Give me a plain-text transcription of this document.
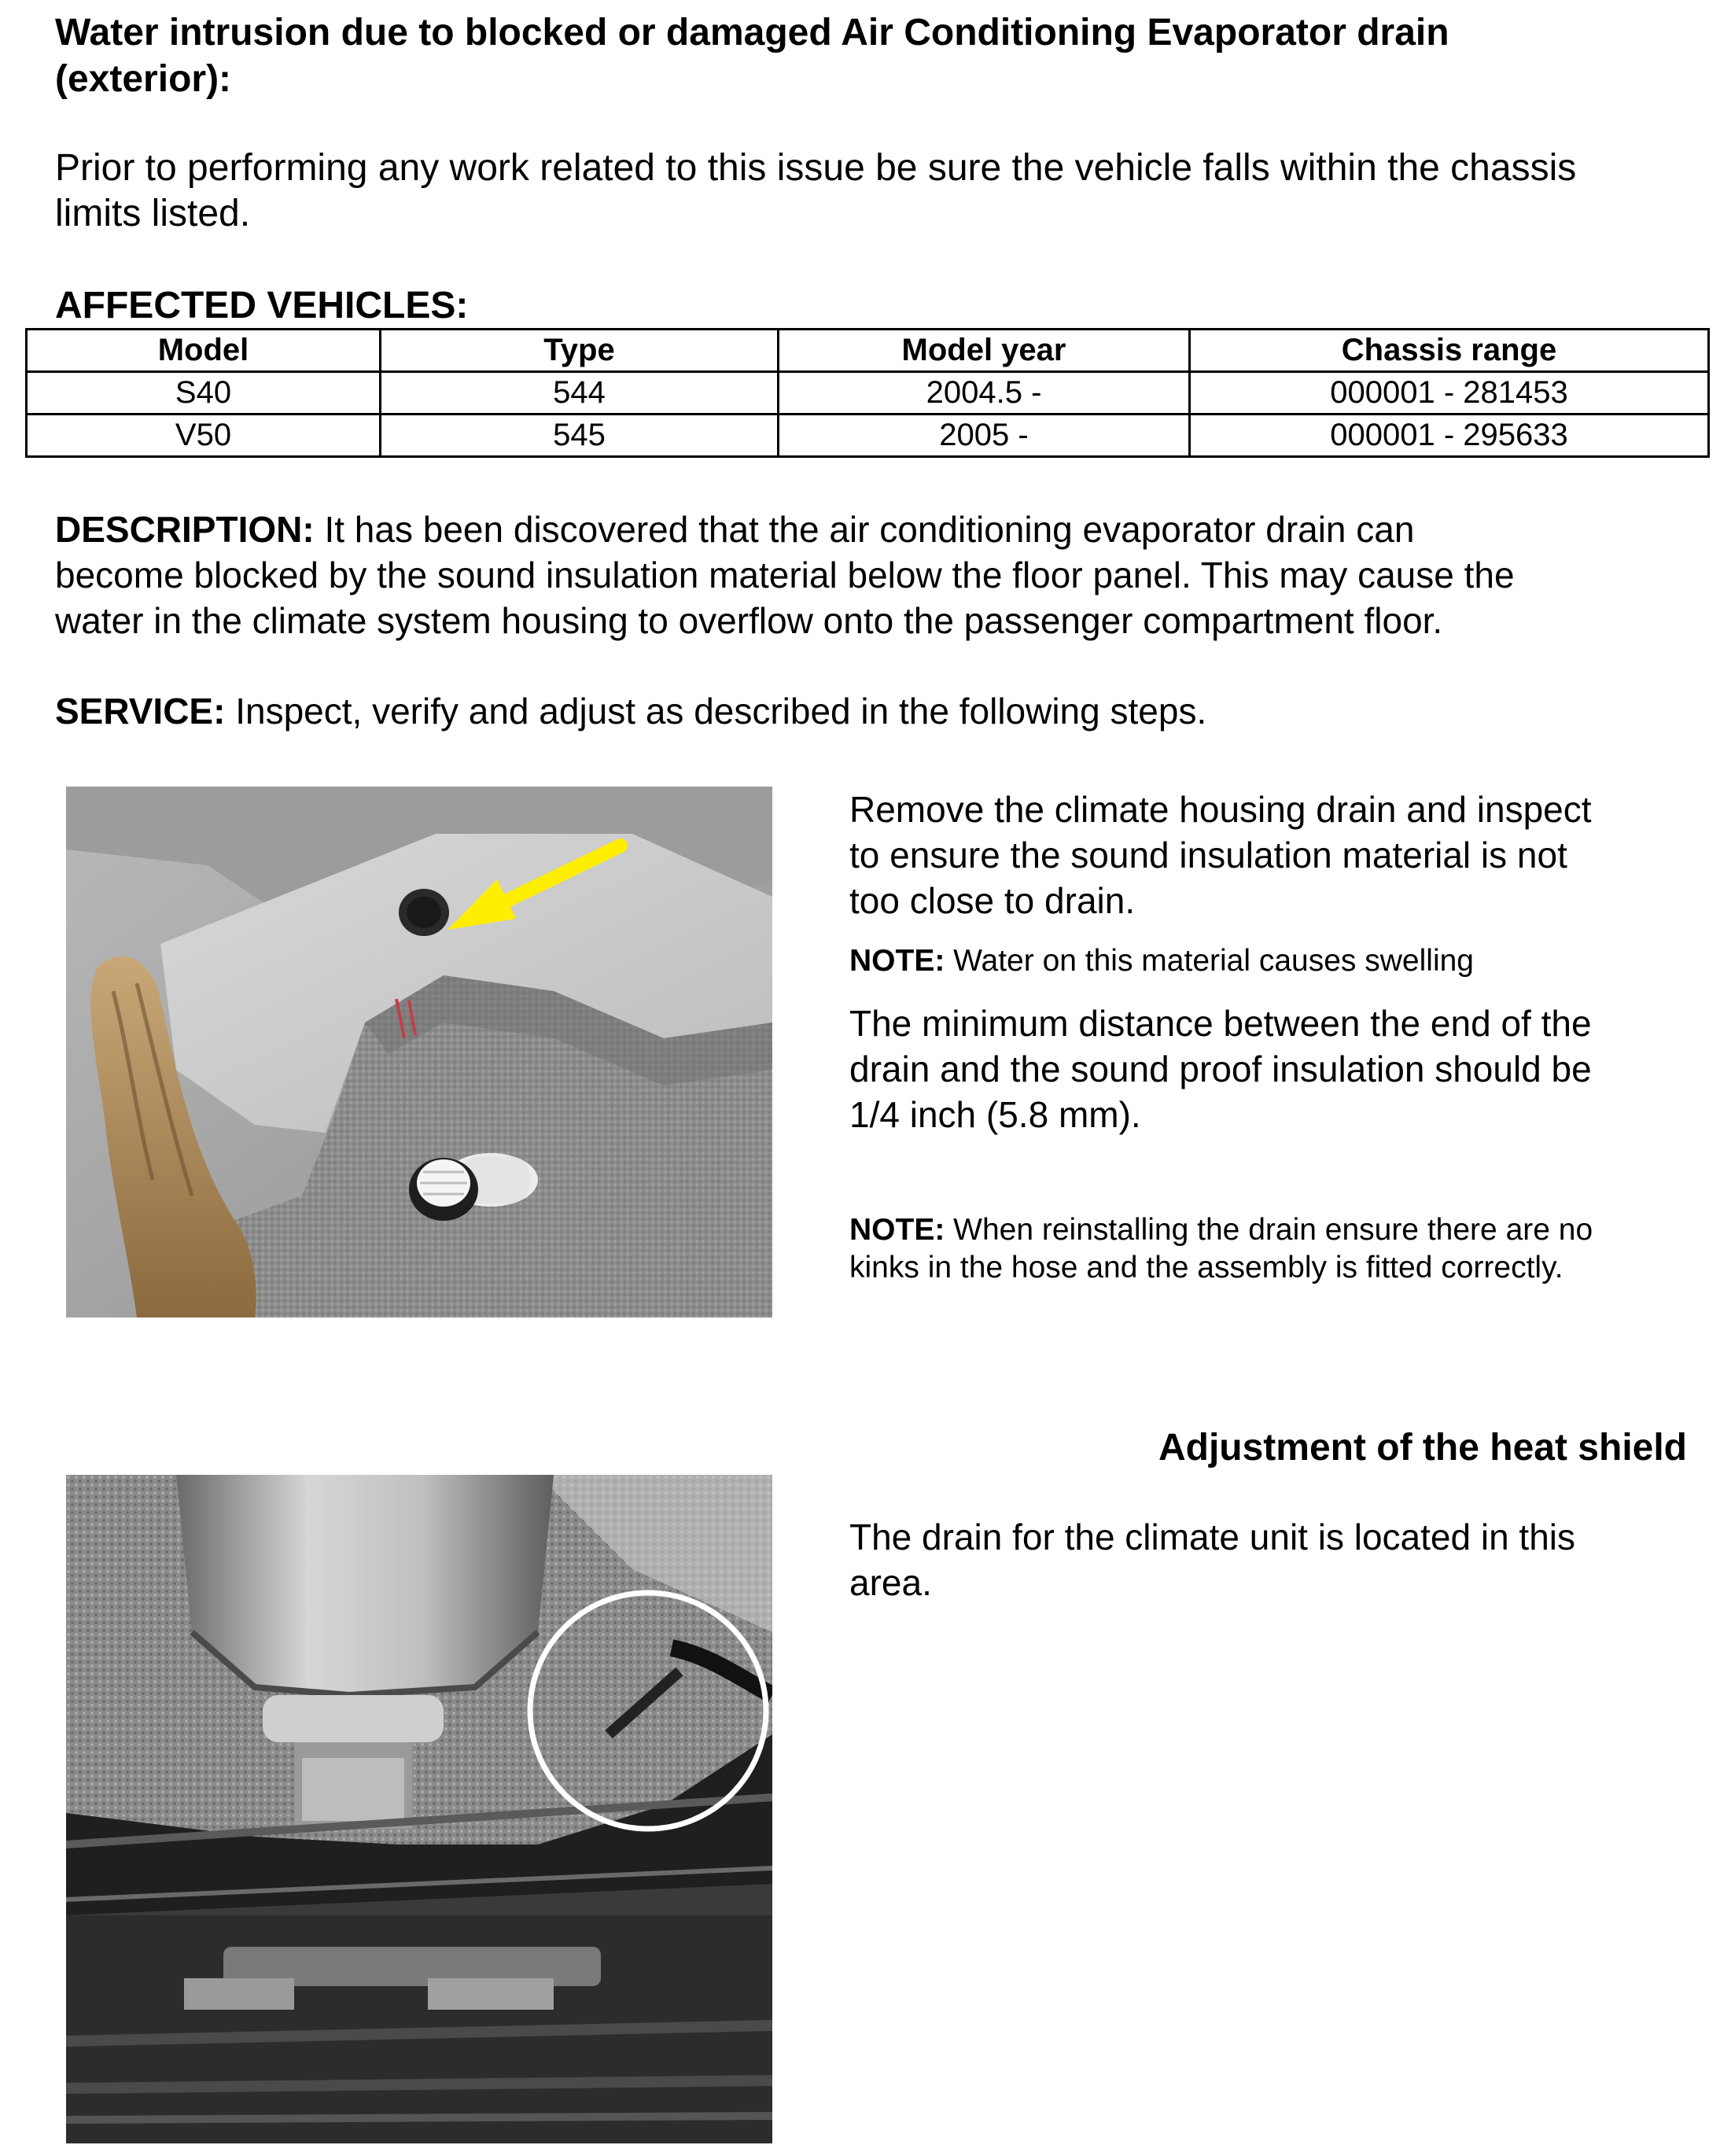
Water intrusion due to blocked or damaged Air Conditioning Evaporator drain
(exterior):
Prior to performing any work related to this issue be sure the vehicle falls within the chassis
limits listed.
AFFECTED VEHICLES:
Model	Type	Model year	Chassis range
S40	544	2004.5 -	000001 - 281453
V50	545	2005 -	000001 - 295633
DESCRIPTION: It has been discovered that the air conditioning evaporator drain can
become blocked by the sound insulation material below the floor panel. This may cause the
water in the climate system housing to overflow onto the passenger compartment floor.
SERVICE: Inspect, verify and adjust as described in the following steps.
Remove the climate housing drain and inspect
to ensure the sound insulation material is not
too close to drain.
NOTE: Water on this material causes swelling
The minimum distance between the end of the
drain and the sound proof insulation should be
1/4 inch (5.8 mm).
NOTE: When reinstalling the drain ensure there are no
kinks in the hose and the assembly is fitted correctly.
Adjustment of the heat shield
The drain for the climate unit is located in this
area.
